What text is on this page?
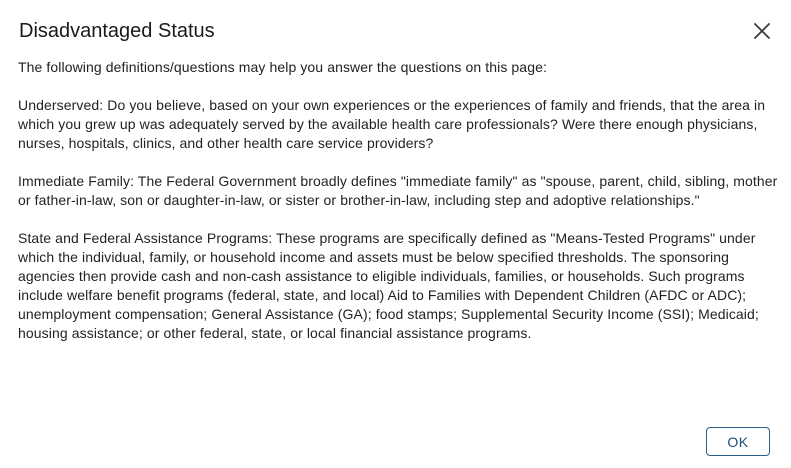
Disadvantaged Status

The following definitions/questions may help you answer the questions on this page:

Underserved: Do you believe, based on your own experiences or the experiences of family and friends, that the area in which you grew up was adequately served by the available health care professionals? Were there enough physicians, nurses, hospitals, clinics, and other health care service providers?

Immediate Family: The Federal Government broadly defines "immediate family" as "spouse, parent, child, sibling, mother or father-in-law, son or daughter-in-law, or sister or brother-in-law, including step and adoptive relationships."

State and Federal Assistance Programs: These programs are specifically defined as "Means-Tested Programs" under which the individual, family, or household income and assets must be below specified thresholds. The sponsoring agencies then provide cash and non-cash assistance to eligible individuals, families, or households. Such programs include welfare benefit programs (federal, state, and local) Aid to Families with Dependent Children (AFDC or ADC); unemployment compensation; General Assistance (GA); food stamps; Supplemental Security Income (SSI); Medicaid; housing assistance; or other federal, state, or local financial assistance programs.

OK
